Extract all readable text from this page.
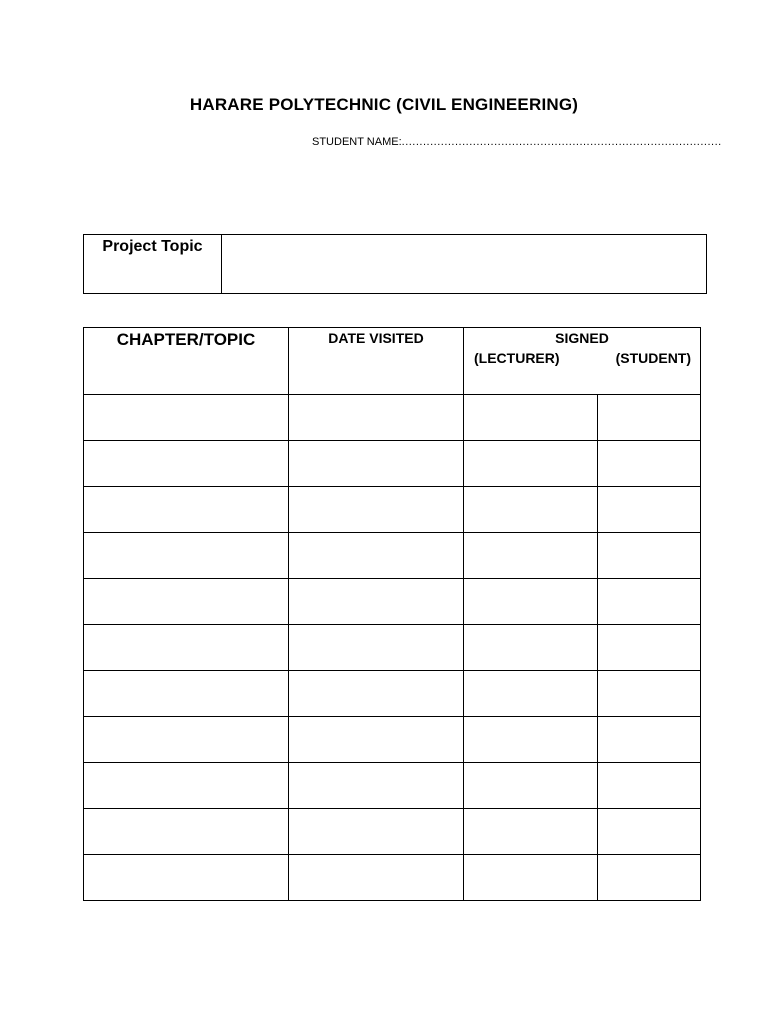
HARARE POLYTECHNIC (CIVIL ENGINEERING)
STUDENT NAME:..........................................................................................
Project Topic
CHAPTER/TOPIC	DATE VISITED	SIGNED
(LECTURER) (STUDENT)	
